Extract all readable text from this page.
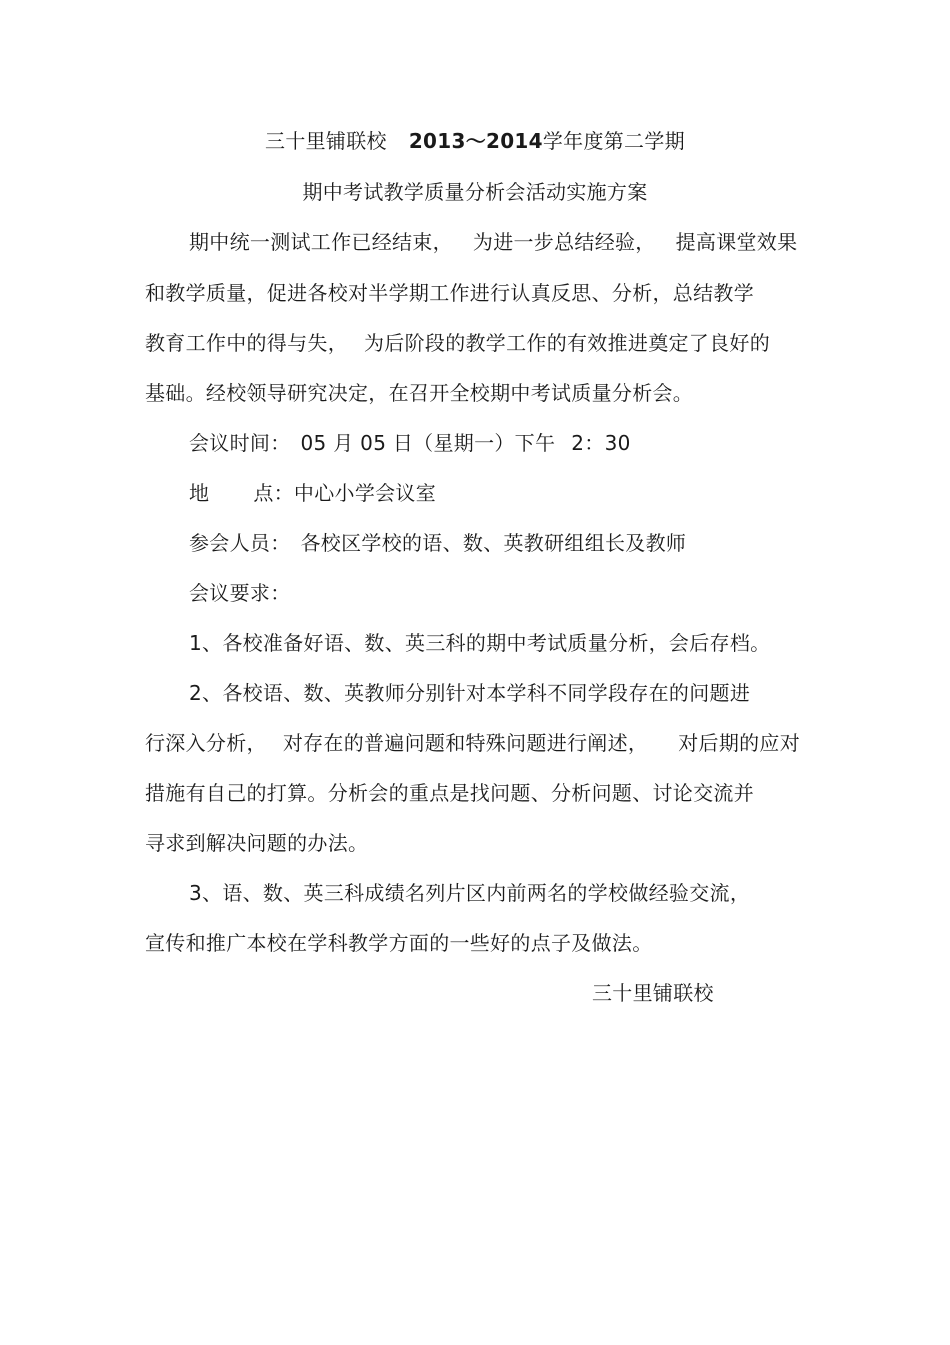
三十里铺联校 2013～2014学年度第二学期
期中考试教学质量分析会活动实施方案
期中统一测试工作已经结束， 为进一步总结经验， 提高课堂效果
和教学质量，促进各校对半学期工作进行认真反思、分析，总结教学
教育工作中的得与失， 为后阶段的教学工作的有效推进奠定了良好的
基础。经校领导研究决定，在召开全校期中考试质量分析会。
会议时间： 05 月 05 日（星期一）下午 2：30
地 点：中心小学会议室
参会人员： 各校区学校的语、数、英教研组组长及教师
会议要求：
1、各校准备好语、数、英三科的期中考试质量分析，会后存档。
2、各校语、数、英教师分别针对本学科不同学段存在的问题进
行深入分析， 对存在的普遍问题和特殊问题进行阐述， 对后期的应对
措施有自己的打算。分析会的重点是找问题、分析问题、讨论交流并
寻求到解决问题的办法。
3、语、数、英三科成绩名列片区内前两名的学校做经验交流，
宣传和推广本校在学科教学方面的一些好的点子及做法。
三十里铺联校
